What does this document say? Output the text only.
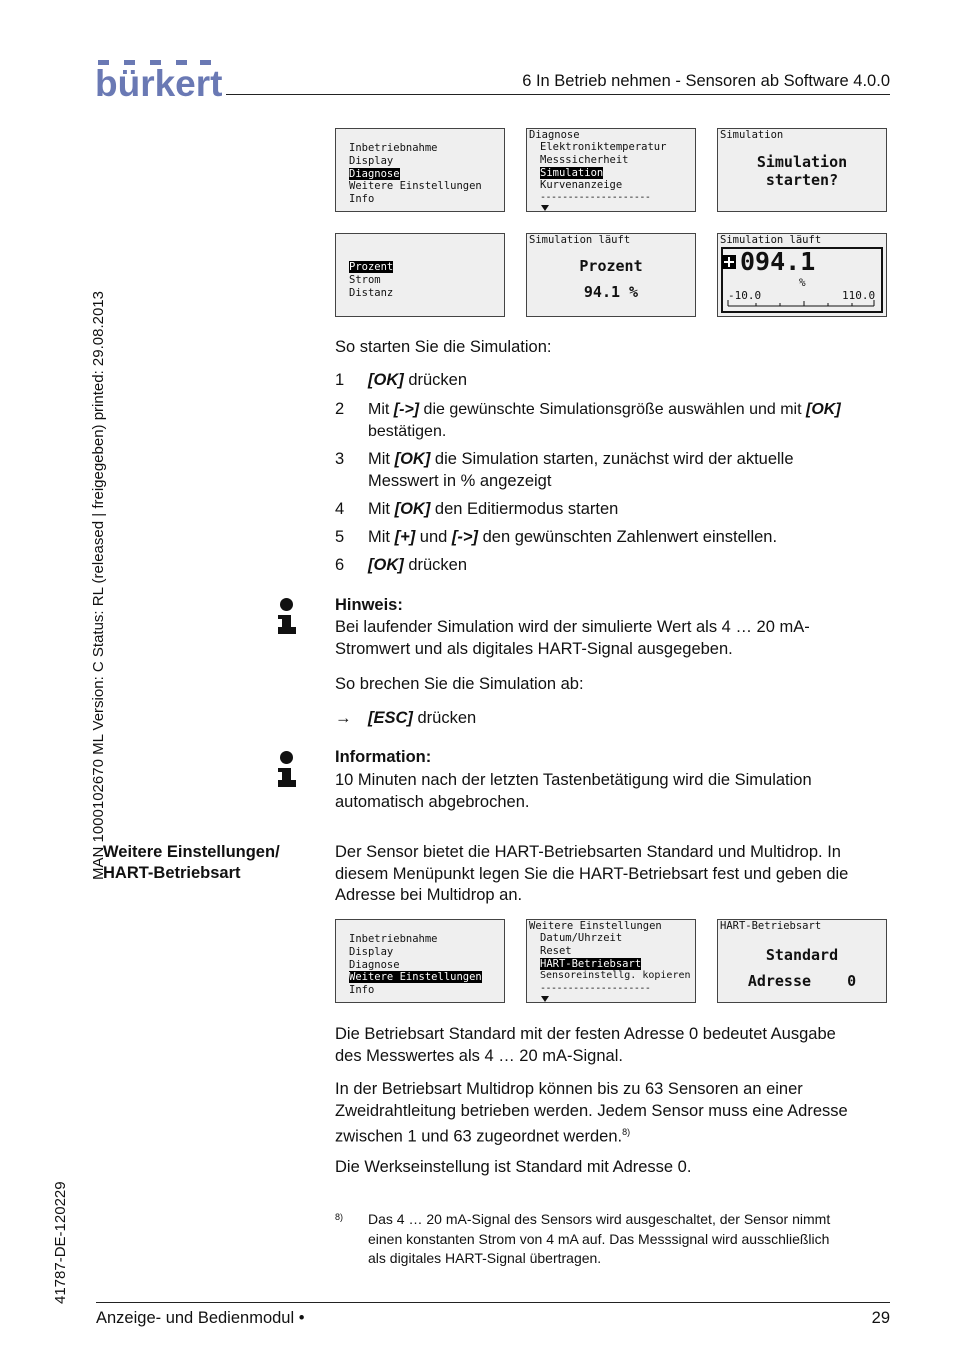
bürkert	6 In Betrieb nehmen - Sensoren ab Software 4.0.0
MAN 1000102670 ML Version: C Status: RL (released | freigegeben) printed: 29.08.2013
41787-DE-120229
Inbetriebnahme
Display
Diagnose
Weitere Einstellungen
Info
Diagnose
Elektroniktemperatur
Messsicherheit
Simulation
Kurvenanzeige
--------------------
Simulation
Simulation
starten?
Prozent
Strom
Distanz
Simulation läuft
Prozent
94.1 %
Simulation läuft
094.1
%
-10.0	110.0
So starten Sie die Simulation:
1 [OK] drücken
2	Mit [->] die gewünschte Simulationsgröße auswählen und mit [OK]
bestätigen.
3 Mit [OK] die Simulation starten, zunächst wird der aktuelle
Messwert in % angezeigt
4 Mit [OK] den Editiermodus starten
5 Mit [+] und [->] den gewünschten Zahlenwert einstellen.
6 [OK] drücken
Hinweis:
Bei laufender Simulation wird der simulierte Wert als 4 … 20 mA-
Stromwert und als digitales HART-Signal ausgegeben.
So brechen Sie die Simulation ab:
→ [ESC] drücken
Information:
10 Minuten nach der letzten Tastenbetätigung wird die Simulation
automatisch abgebrochen.
Weitere Einstellungen/
HART-Betriebsart
Der Sensor bietet die HART-Betriebsarten Standard und Multidrop. In
diesem Menüpunkt legen Sie die HART-Betriebsart fest und geben die
Adresse bei Multidrop an.
Inbetriebnahme
Display
Diagnose
Weitere Einstellungen
Info
Weitere Einstellungen
Datum/Uhrzeit
Reset
HART-Betriebsart
Sensoreinstellg. kopieren
--------------------
HART-Betriebsart
Standard
Adresse    0
Die Betriebsart Standard mit der festen Adresse 0 bedeutet Ausgabe
des Messwertes als 4 … 20 mA-Signal.
In der Betriebsart Multidrop können bis zu 63 Sensoren an einer
Zweidrahtleitung betrieben werden. Jedem Sensor muss eine Adresse
zwischen 1 und 63 zugeordnet werden.$^{8)}$
Die Werkseinstellung ist Standard mit Adresse 0.
8) Das 4 … 20 mA-Signal des Sensors wird ausgeschaltet, der Sensor nimmt
einen konstanten Strom von 4 mA auf. Das Messsignal wird ausschließlich
als digitales HART-Signal übertragen.
Anzeige- und Bedienmodul •	29
